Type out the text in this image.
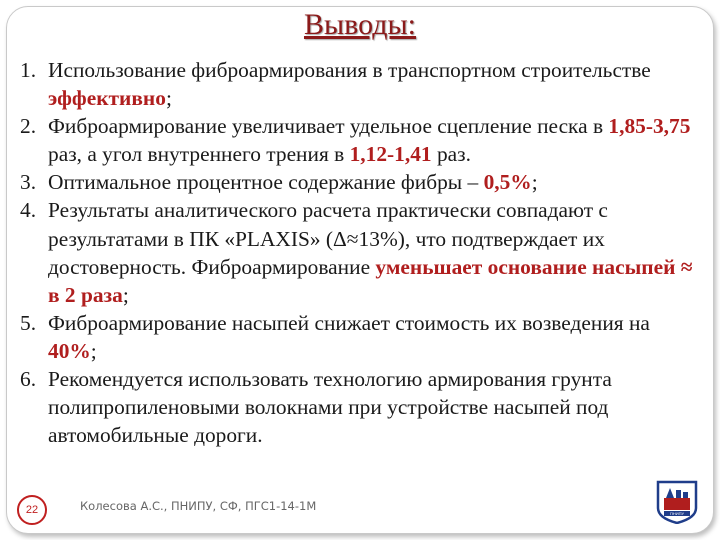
Выводы:
1. Использование фиброармирования в транспортном строительстве эффективно;
2. Фиброармирование увеличивает удельное сцепление песка в 1,85-3,75 раз, а угол внутреннего трения в 1,12-1,41 раз.
3. Оптимальное процентное содержание фибры – 0,5%;
4. Результаты аналитического расчета практически совпадают с результатами в ПК «PLAXIS» (Δ≈13%), что подтверждает их достоверность. Фиброармирование уменьшает основание насыпей ≈ в 2 раза;
5. Фиброармирование насыпей снижает стоимость их возведения на 40%;
6. Рекомендуется использовать технологию армирования грунта полипропиленовыми волокнами при устройстве насыпей под автомобильные дороги.
22	Колесова А.С., ПНИПУ, СФ, ПГС1-14-1М
ПНИПУ
